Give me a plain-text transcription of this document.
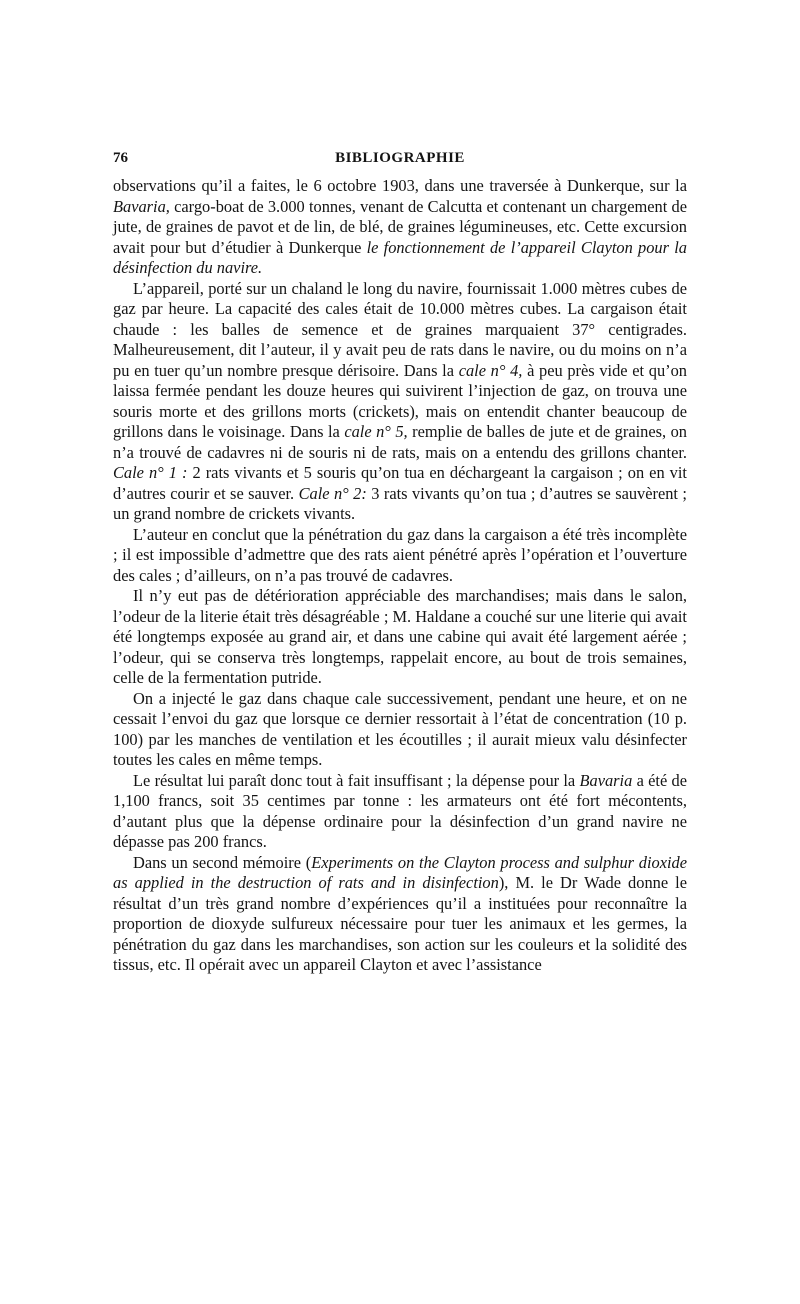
76	BIBLIOGRAPHIE

observations qu’il a faites, le 6 octobre 1903, dans une traversée à Dunkerque, sur la Bavaria, cargo-boat de 3.000 tonnes, venant de Calcutta et contenant un chargement de jute, de graines de pavot et de lin, de blé, de graines légumineuses, etc. Cette excursion avait pour but d’étudier à Dunkerque le fonctionnement de l’appareil Clayton pour la désinfection du navire.

L’appareil, porté sur un chaland le long du navire, fournissait 1.000 mètres cubes de gaz par heure. La capacité des cales était de 10.000 mètres cubes. La cargaison était chaude : les balles de semence et de graines marquaient 37° centigrades. Malheureusement, dit l’auteur, il y avait peu de rats dans le navire, ou du moins on n’a pu en tuer qu’un nombre presque dérisoire. Dans la cale n° 4, à peu près vide et qu’on laissa fermée pendant les douze heures qui suivirent l’injection de gaz, on trouva une souris morte et des grillons morts (crickets), mais on entendit chanter beaucoup de grillons dans le voisinage. Dans la cale n° 5, remplie de balles de jute et de graines, on n’a trouvé de cadavres ni de souris ni de rats, mais on a entendu des grillons chanter. Cale n° 1 : 2 rats vivants et 5 souris qu’on tua en déchargeant la cargaison ; on en vit d’autres courir et se sauver. Cale n° 2: 3 rats vivants qu’on tua ; d’autres se sauvèrent ; un grand nombre de crickets vivants.

L’auteur en conclut que la pénétration du gaz dans la cargaison a été très incomplète ; il est impossible d’admettre que des rats aient pénétré après l’opération et l’ouverture des cales ; d’ailleurs, on n’a pas trouvé de cadavres.

Il n’y eut pas de détérioration appréciable des marchandises; mais dans le salon, l’odeur de la literie était très désagréable ; M. Haldane a couché sur une literie qui avait été longtemps exposée au grand air, et dans une cabine qui avait été largement aérée ; l’odeur, qui se conserva très longtemps, rappelait encore, au bout de trois semaines, celle de la fermentation putride.

On a injecté le gaz dans chaque cale successivement, pendant une heure, et on ne cessait l’envoi du gaz que lorsque ce dernier ressortait à l’état de concentration (10 p. 100) par les manches de ventilation et les écoutilles ; il aurait mieux valu désinfecter toutes les cales en même temps.

Le résultat lui paraît donc tout à fait insuffisant ; la dépense pour la Bavaria a été de 1,100 francs, soit 35 centimes par tonne : les armateurs ont été fort mécontents, d’autant plus que la dépense ordinaire pour la désinfection d’un grand navire ne dépasse pas 200 francs.

Dans un second mémoire (Experiments on the Clayton process and sulphur dioxide as applied in the destruction of rats and in disinfection), M. le Dr Wade donne le résultat d’un très grand nombre d’expériences qu’il a instituées pour reconnaître la proportion de dioxyde sulfureux nécessaire pour tuer les animaux et les germes, la pénétration du gaz dans les marchandises, son action sur les couleurs et la solidité des tissus, etc. Il opérait avec un appareil Clayton et avec l’assistance
